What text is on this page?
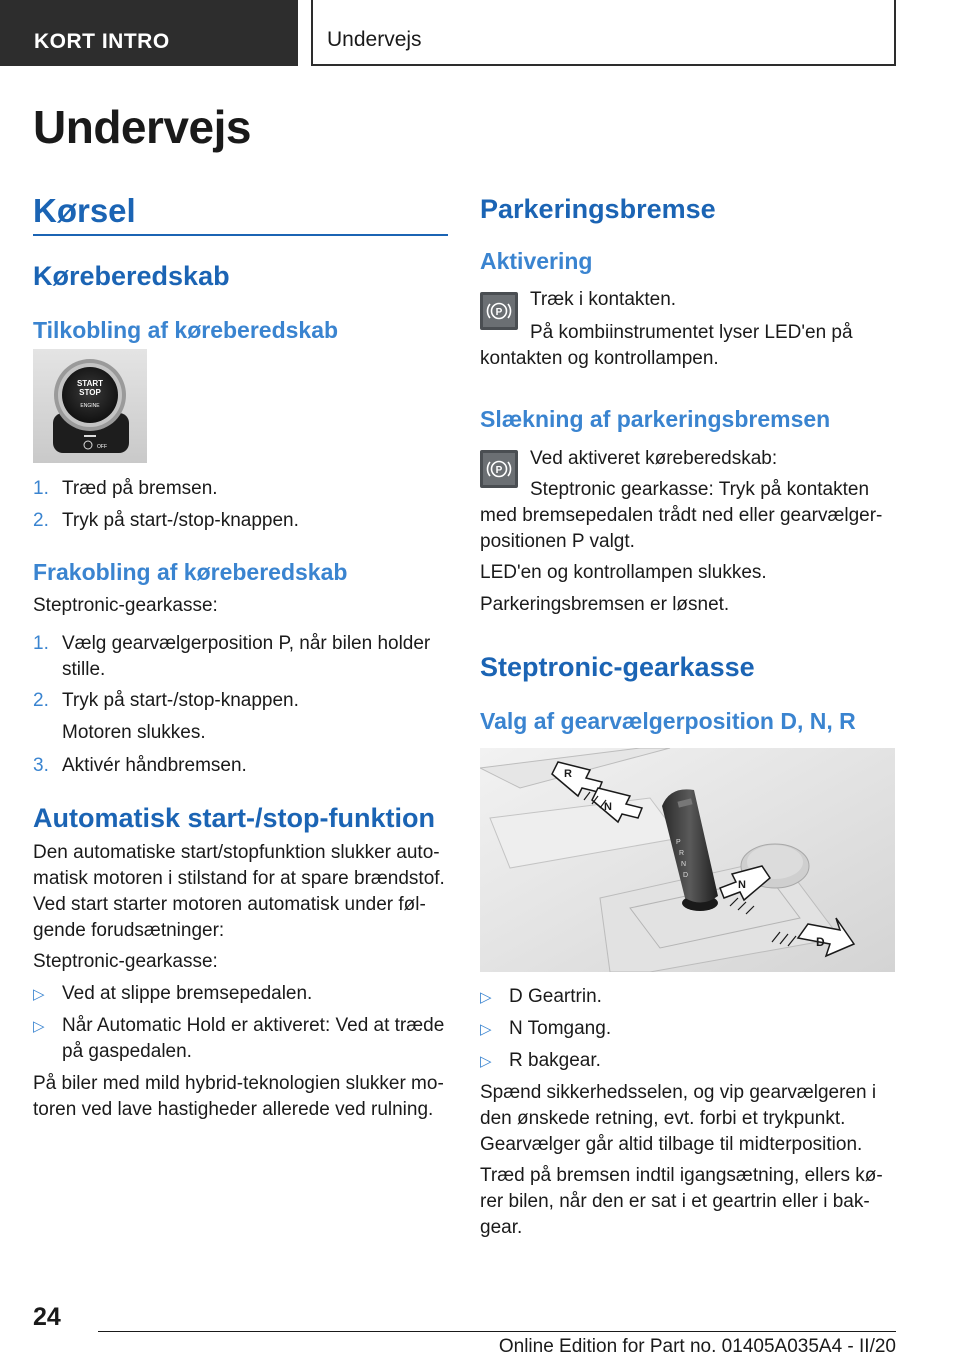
KORT INTRO	Undervejs
Undervejs
Kørsel
Køreberedskab
Tilkobling af køreberedskab
START
STOP
ENGINE
OFF
1. Træd på bremsen.
2. Tryk på start-/stop-knappen.
Frakobling af køreberedskab
Steptronic-gearkasse:
1. Vælg gearvælgerposition P, når bilen holder
stille.
2. Tryk på start-/stop-knappen.
Motoren slukkes.
3. Aktivér håndbremsen.
Automatisk start-/stop-funktion
Den automatiske start/stopfunktion slukker auto-
matisk motoren i stilstand for at spare brændstof.
Ved start starter motoren automatisk under føl-
gende forudsætninger:
Steptronic-gearkasse:
▷ Ved at slippe bremsepedalen.
▷ Når Automatic Hold er aktiveret: Ved at træde
på gaspedalen.
På biler med mild hybrid-teknologien slukker mo-
toren ved lave hastigheder allerede ved rulning.
Parkeringsbremse
Aktivering
P
Træk i kontakten.
På kombiinstrumentet lyser LED'en på
kontakten og kontrollampen.
Slækning af parkeringsbremsen
P
Ved aktiveret køreberedskab:
Steptronic gearkasse: Tryk på kontakten
med bremsepedalen trådt ned eller gearvælger-
positionen P valgt.
LED'en og kontrollampen slukkes.
Parkeringsbremsen er løsnet.
Steptronic-gearkasse
Valg af gearvælgerposition D, N, R
P
R
N
D
R
N
N
D
▷ D Geartrin.
▷ N Tomgang.
▷ R bakgear.
Spænd sikkerhedsselen, og vip gearvælgeren i
den ønskede retning, evt. forbi et trykpunkt.
Gearvælger går altid tilbage til midterposition.
Træd på bremsen indtil igangsætning, ellers kø-
rer bilen, når den er sat i et geartrin eller i bak-
gear.
24
Online Edition for Part no. 01405A035A4 - II/20
